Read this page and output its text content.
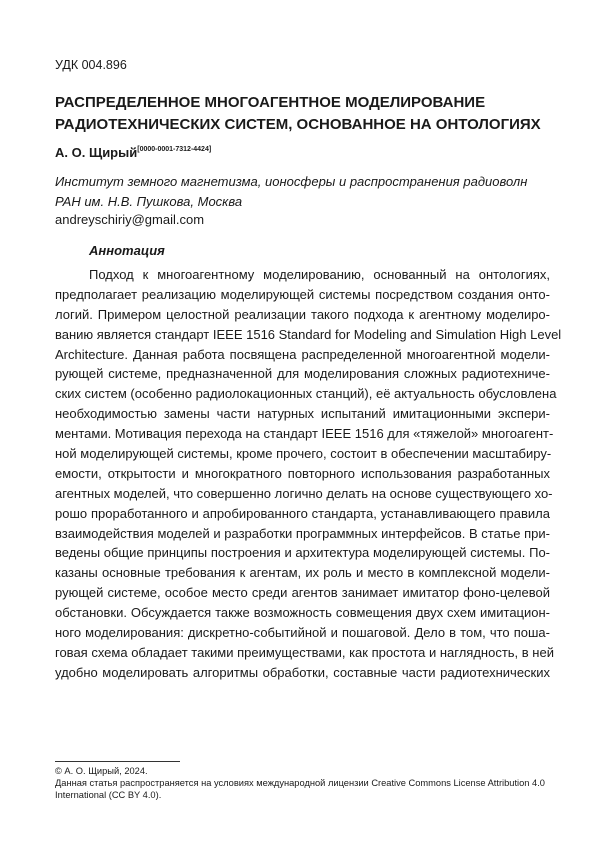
УДК 004.896
РАСПРЕДЕЛЕННОЕ МНОГОАГЕНТНОЕ МОДЕЛИРОВАНИЕ РАДИОТЕХНИЧЕСКИХ СИСТЕМ, ОСНОВАННОЕ НА ОНТОЛОГИЯХ
А. О. Щирый[0000-0001-7312-4424]
Институт земного магнетизма, ионосферы и распространения радиоволн РАН им. Н.В. Пушкова, Москва
andreyschiriy@gmail.com
Аннотация
Подход к многоагентному моделированию, основанный на онтологиях,
предполагает реализацию моделирующей системы посредством создания онто-
логий. Примером целостной реализации такого подхода к агентному моделиро-
ванию является стандарт IEEE 1516 Standard for Modeling and Simulation High Level
Architecture. Данная работа посвящена распределенной многоагентной модели-
рующей системе, предназначенной для моделирования сложных радиотехниче-
ских систем (особенно радиолокационных станций), её актуальность обусловлена
необходимостью замены части натурных испытаний имитационными экспери-
ментами. Мотивация перехода на стандарт IEEE 1516 для «тяжелой» многоагент-
ной моделирующей системы, кроме прочего, состоит в обеспечении масштабиру-
емости, открытости и многократного повторного использования разработанных
агентных моделей, что совершенно логично делать на основе существующего хо-
рошо проработанного и апробированного стандарта, устанавливающего правила
взаимодействия моделей и разработки программных интерфейсов. В статье при-
ведены общие принципы построения и архитектура моделирующей системы. По-
казаны основные требования к агентам, их роль и место в комплексной модели-
рующей системе, особое место среди агентов занимает имитатор фоно-целевой
обстановки. Обсуждается также возможность совмещения двух схем имитацион-
ного моделирования: дискретно-событийной и пошаговой. Дело в том, что поша-
говая схема обладает такими преимуществами, как простота и наглядность, в ней
удобно моделировать алгоритмы обработки, составные части радиотехнических
© А. О. Щирый, 2024.
Данная статья распространяется на условиях международной лицензии Creative Commons License Attribution 4.0 International (CC BY 4.0).
